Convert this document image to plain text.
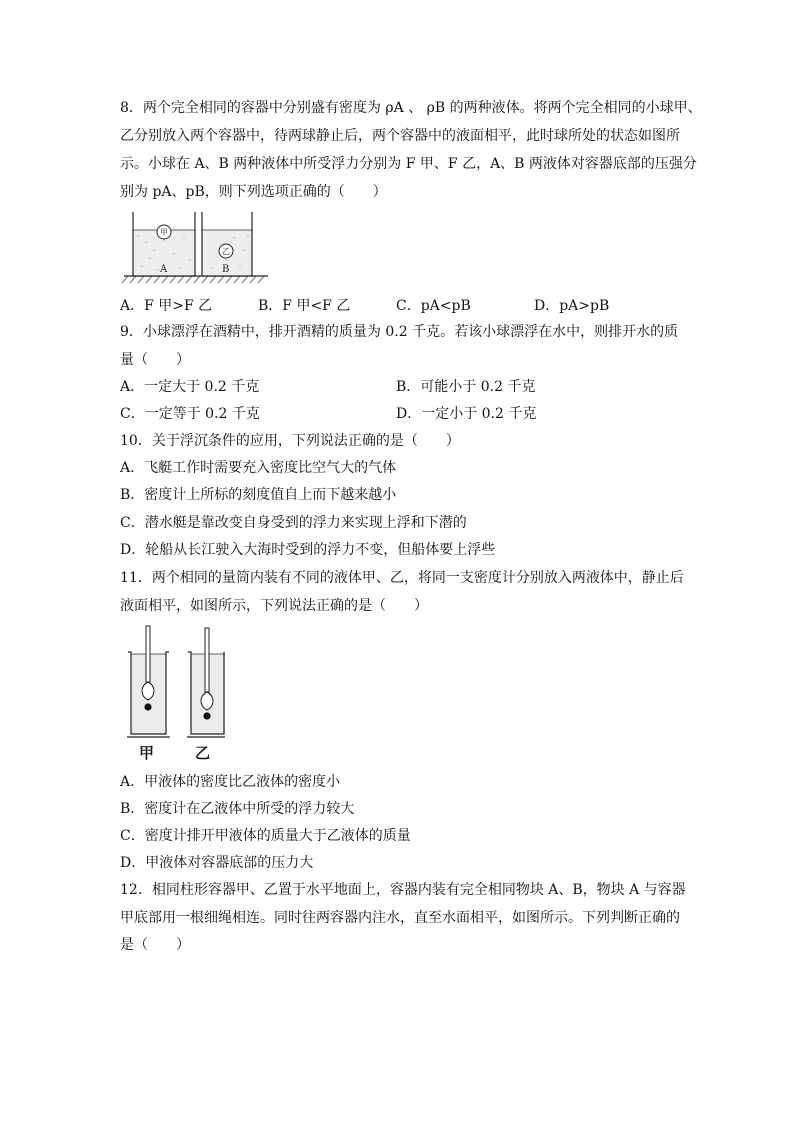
8．两个完全相同的容器中分别盛有密度为 ρA 、 ρB 的两种液体。将两个完全相同的小球甲、
乙分别放入两个容器中，待两球静止后，两个容器中的液面相平，此时球所处的状态如图所
示。小球在 A、B 两种液体中所受浮力分别为 F 甲、F 乙，A、B 两液体对容器底部的压强分
别为 pA、pB，则下列选项正确的（　　）
甲
A
乙
B
A．F 甲>F 乙	B．F 甲<F 乙	C．pA<pB	D．pA>pB
9．小球漂浮在酒精中，排开酒精的质量为 0.2 千克。若该小球漂浮在水中，则排开水的质
量（　　）
A．一定大于 0.2 千克	B．可能小于 0.2 千克
C．一定等于 0.2 千克	D．一定小于 0.2 千克
10．关于浮沉条件的应用，下列说法正确的是（　　）
A．飞艇工作时需要充入密度比空气大的气体
B．密度计上所标的刻度值自上而下越来越小
C．潜水艇是靠改变自身受到的浮力来实现上浮和下潜的
D．轮船从长江驶入大海时受到的浮力不变，但船体要上浮些
11．两个相同的量筒内装有不同的液体甲、乙，将同一支密度计分别放入两液体中，静止后
液面相平，如图所示，下列说法正确的是（　　）
甲	乙
A．甲液体的密度比乙液体的密度小
B．密度计在乙液体中所受的浮力较大
C．密度计排开甲液体的质量大于乙液体的质量
D．甲液体对容器底部的压力大
12．相同柱形容器甲、乙置于水平地面上，容器内装有完全相同物块 A、B，物块 A 与容器
甲底部用一根细绳相连。同时往两容器内注水，直至水面相平，如图所示。下列判断正确的
是（　　）
